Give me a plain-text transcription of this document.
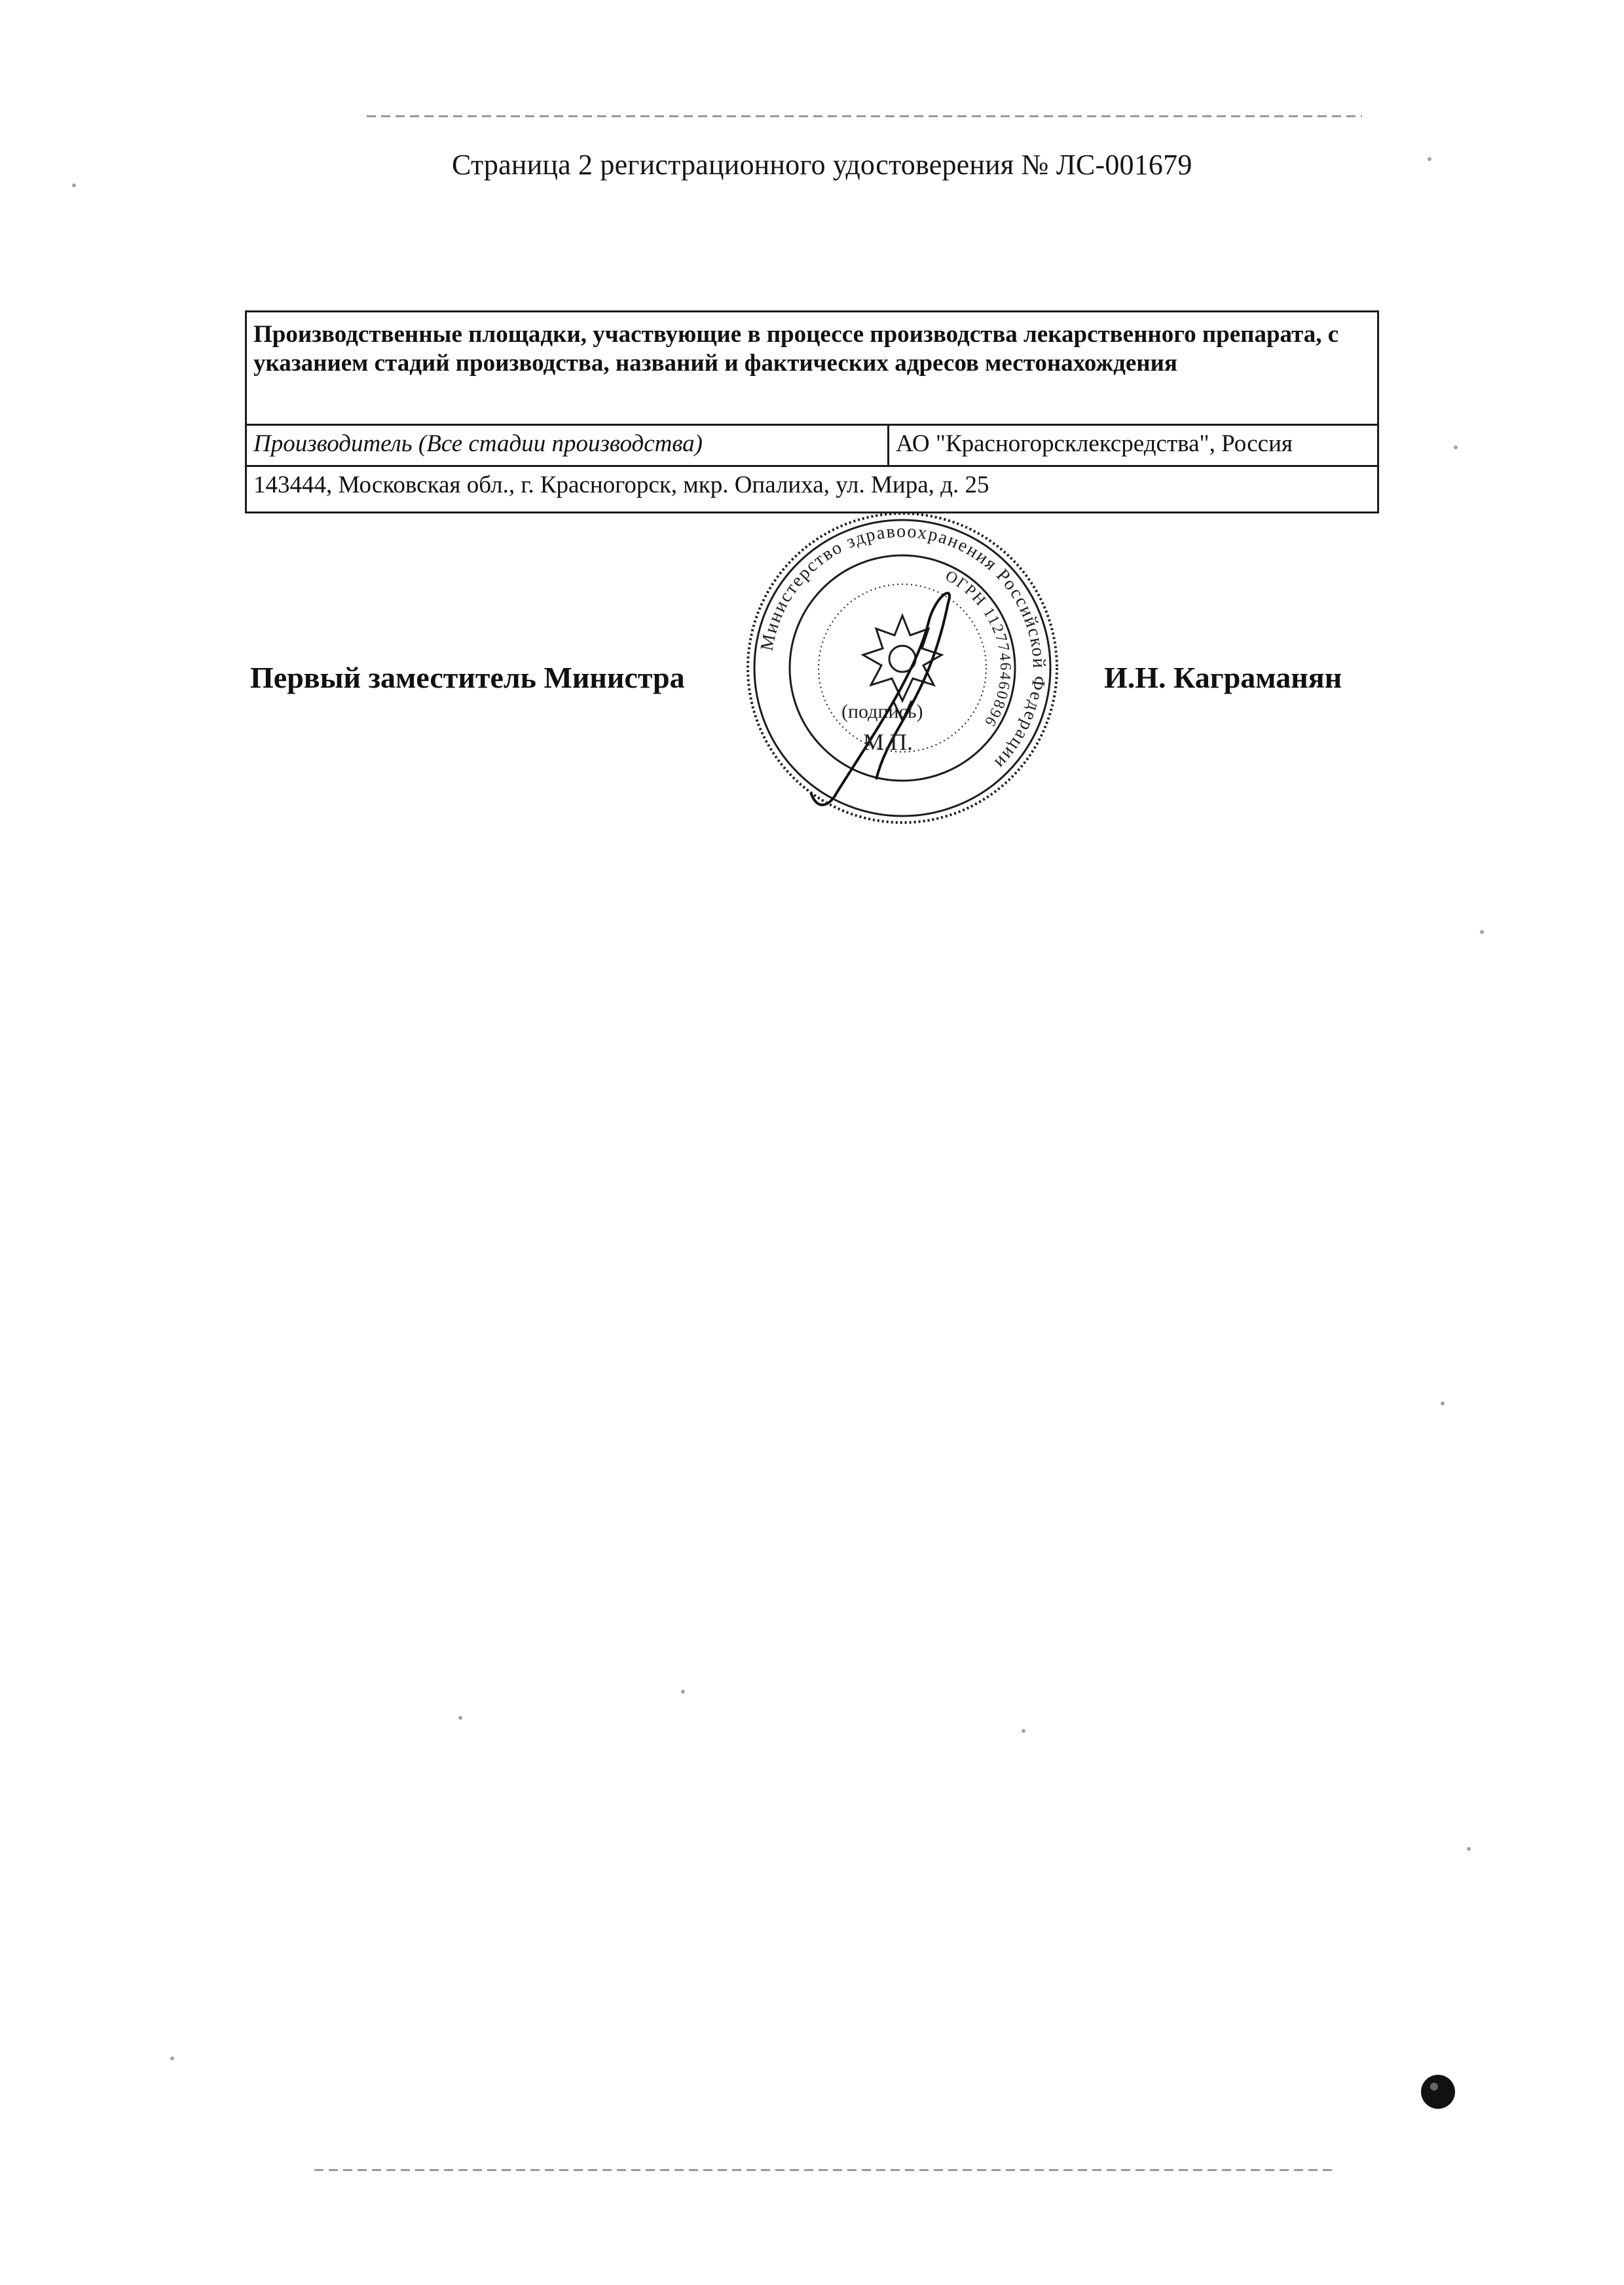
Страница 2 регистрационного удостоверения № ЛС-001679
Производственные площадки, участвующие в процессе производства лекарственного препарата, с указанием стадий производства, названий и фактических адресов местонахождения
Производитель (Все стадии производства)	АО "Красногорсклексредства", Россия
143444, Московская обл., г. Красногорск, мкр. Опалиха, ул. Мира, д. 25
Первый заместитель Министра	И.Н. Каграманян
Министерство здравоохранения Российской Федерации
ОГРН 1127746460896
(подпись)
М.П.
